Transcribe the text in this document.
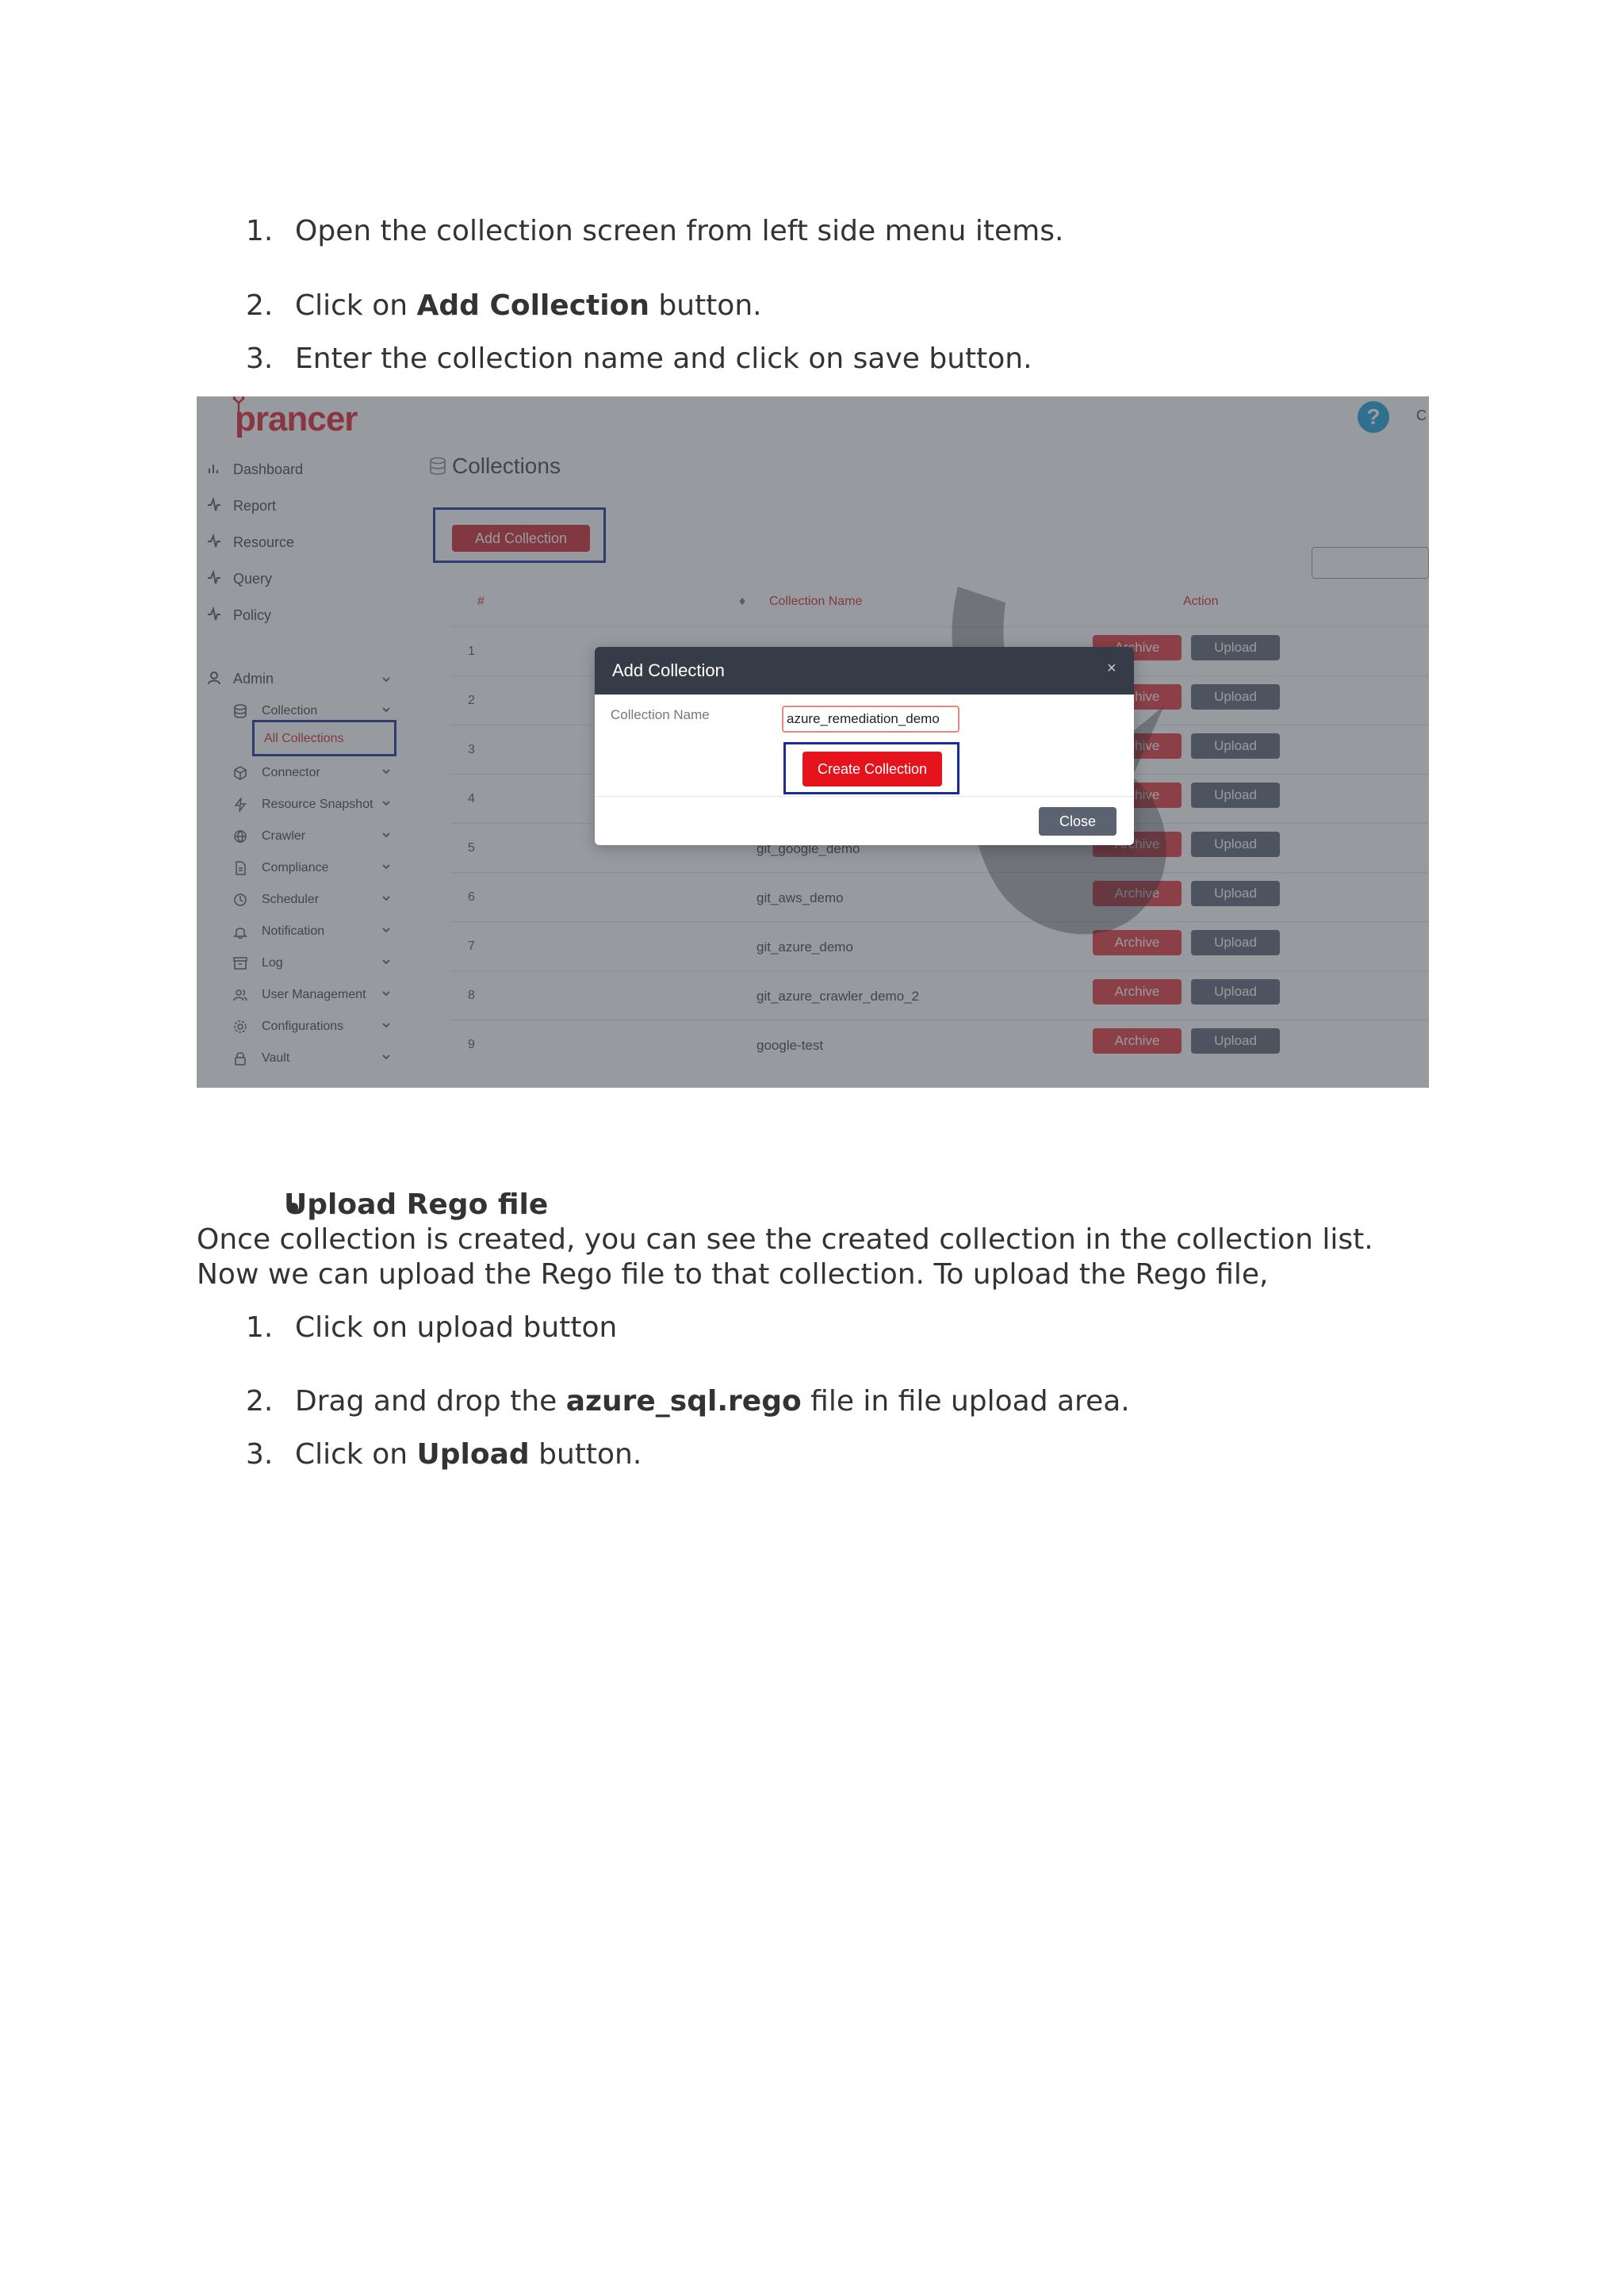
1. Open the collection screen from left side menu items.
2. Click on Add Collection button.
3. Enter the collection name and click on save button.
Add Collection	×
Collection Name
azure_remediation_demo
Create Collection
Close
Upload Rego file
Once collection is created, you can see the created collection in the collection list. Now we can upload the Rego file to that collection. To upload the Rego file,
1. Click on upload button
2. Drag and drop the azure_sql.rego file in file upload area.
3. Click on Upload button.
